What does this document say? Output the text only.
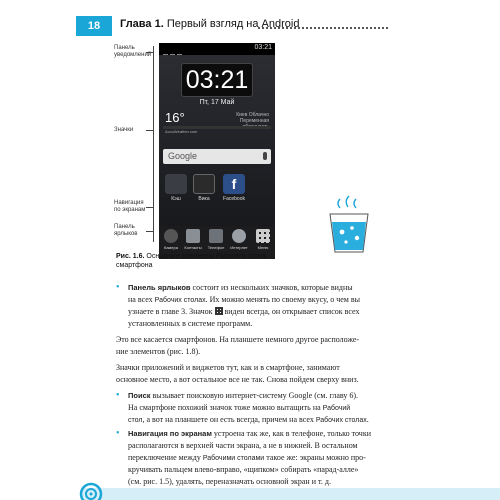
18	Глава 1. Первый взгляд на Android
Панель уведомлений
Значки
Навигация по экранам
Панель ярлыков
03:21
03:21
Пт, 17 Май
16°	Киев Облачно Переменная
AccuWeather.com
Google
Кэш	Вика
f
Facebook
Камера	Контакты	Телефон	Интернет	Меню
Рис. 1.6. Основные элементы Рабочего стола смартфона
• Панель ярлыков состоит из нескольких значков, которые видны
на всех Рабочих столах. Их можно менять по своему вкусу, о чем вы
узнаете в главе 3. Значок  виден всегда, он открывает список всех
установленных в системе программ.
Это все касается смартфонов. На планшете немного другое расположе-
ние элементов (рис. 1.8).
Значки приложений и виджетов тут, как и в смартфоне, занимают
основное место, а вот остальное все не так. Снова пойдем сверху вниз.
• Поиск вызывает поисковую интернет-систему Google (см. главу 6).
На смартфоне похожий значок тоже можно вытащить на Рабочий
стол, а вот на планшете он есть всегда, причем на всех Рабочих столах.
• Навигация по экранам устроена так же, как в телефоне, только точки
располагаются в верхней части экрана, а не в нижней. В остальном
переключение между Рабочими столами такое же: экраны можно про-
кручивать пальцем влево-вправо, «щипком» собирать «парад-алле»
(см. рис. 1.5), удалять, переназначать основной экран и т. д.
